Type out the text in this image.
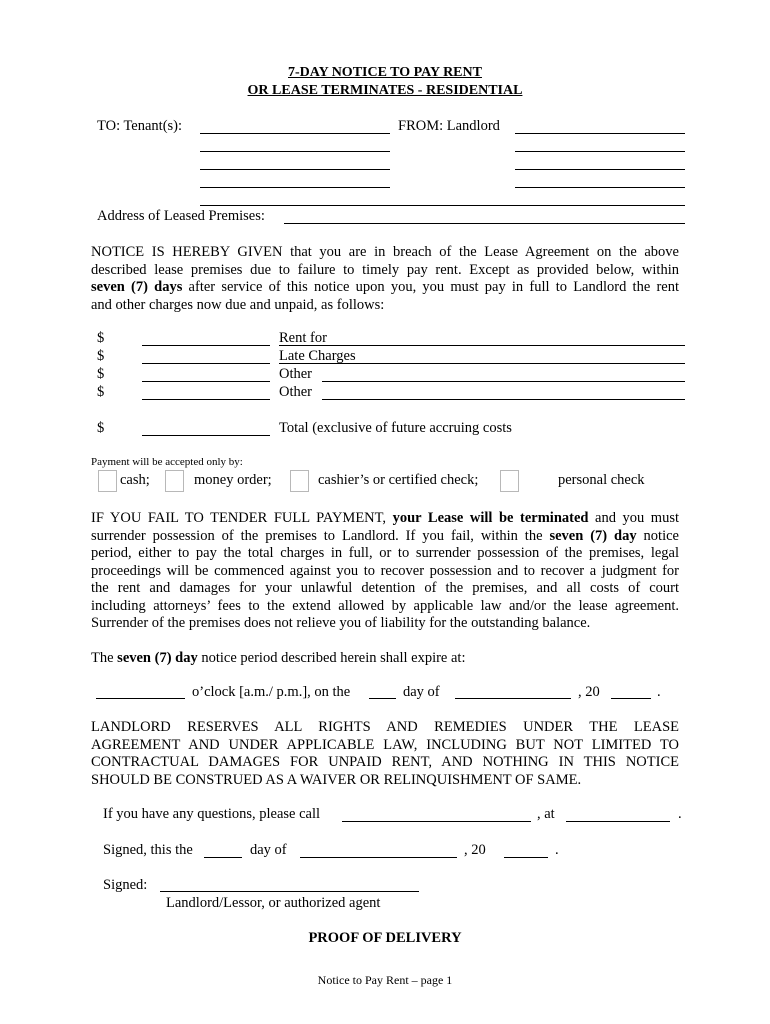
7-DAY NOTICE TO PAY RENT
OR LEASE TERMINATES - RESIDENTIAL
TO: Tenant(s):	FROM: Landlord
Address of Leased Premises:
NOTICE IS HEREBY GIVEN that you are in breach of the Lease Agreement on the above
described lease premises due to failure to timely pay rent. Except as provided below, within
seven (7) days after service of this notice upon you, you must pay in full to Landlord the rent
and other charges now due and unpaid, as follows:
$	Rent for
$	Late Charges
$	Other
$	Other
$	Total (exclusive of future accruing costs
Payment will be accepted only by:
cash;	money order;	cashier’s or certified check;	personal check
IF YOU FAIL TO TENDER FULL PAYMENT, your Lease will be terminated and you must
surrender possession of the premises to Landlord. If you fail, within the seven (7) day notice
period, either to pay the total charges in full, or to surrender possession of the premises, legal
proceedings will be commenced against you to recover possession and to recover a judgment for
the rent and damages for your unlawful detention of the premises, and all costs of court
including attorneys’ fees to the extend allowed by applicable law and/or the lease agreement.
Surrender of the premises does not relieve you of liability for the outstanding balance.
The seven (7) day notice period described herein shall expire at:
o’clock [a.m./ p.m.], on the	day of	, 20	.
LANDLORD RESERVES ALL RIGHTS AND REMEDIES UNDER THE LEASE
AGREEMENT AND UNDER APPLICABLE LAW, INCLUDING BUT NOT LIMITED TO
CONTRACTUAL DAMAGES FOR UNPAID RENT, AND NOTHING IN THIS NOTICE
SHOULD BE CONSTRUED AS A WAIVER OR RELINQUISHMENT OF SAME.
If you have any questions, please call	, at	.
Signed, this the	day of	, 20	.
Signed:
Landlord/Lessor, or authorized agent
PROOF OF DELIVERY
Notice to Pay Rent – page 1
